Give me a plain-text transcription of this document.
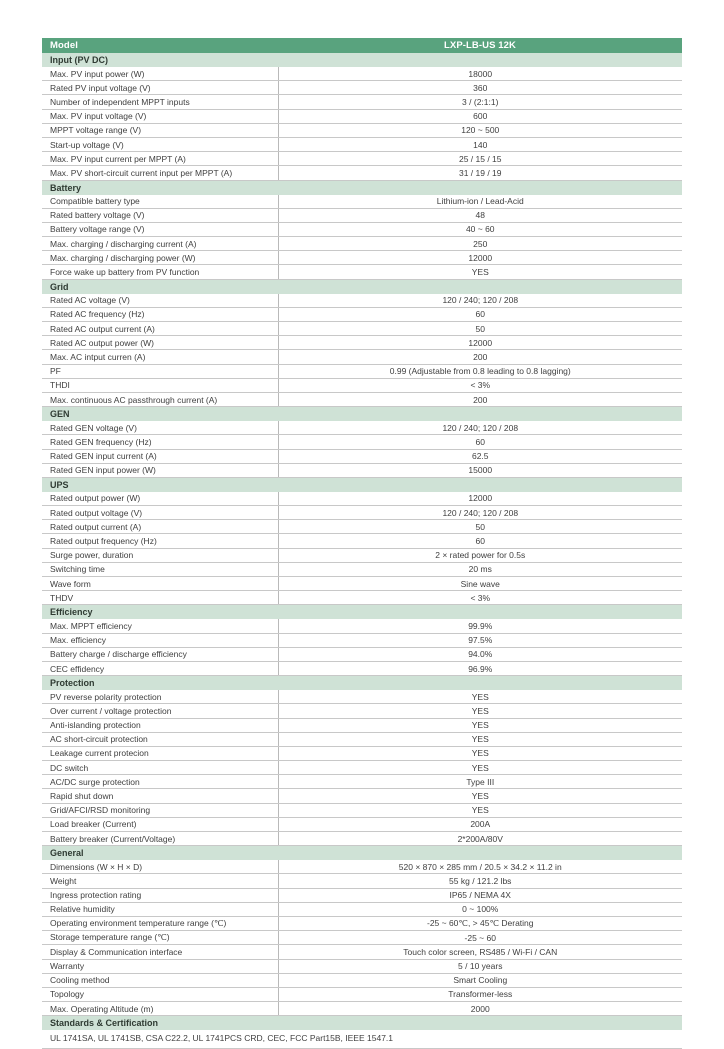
Model	LXP-LB-US 12K
Input (PV DC)	
Max. PV input power (W)	18000
Rated PV input voltage (V)	360
Number of independent MPPT inputs	3 / (2:1:1)
Max. PV input voltage (V)	600
MPPT voltage range (V)	120 ~ 500
Start-up voltage (V)	140
Max. PV input current per MPPT (A)	25 / 15 / 15
Max. PV short-circuit current input per MPPT (A)	31 / 19 / 19
Battery	
Compatible battery type	Lithium-ion / Lead-Acid
Rated battery voltage (V)	48
Battery voltage range (V)	40 ~ 60
Max. charging / discharging current (A)	250
Max. charging / discharging power (W)	12000
Force wake up battery from PV function	YES
Grid	
Rated AC voltage (V)	120 / 240; 120 / 208
Rated AC frequency (Hz)	60
Rated AC output current (A)	50
Rated AC output power (W)	12000
Max. AC intput curren (A)	200
PF	0.99 (Adjustable from 0.8 leading to 0.8 lagging)
THDI	< 3%
Max. continuous AC passthrough current (A)	200
GEN	
Rated GEN voltage (V)	120 / 240; 120 / 208
Rated GEN frequency (Hz)	60
Rated GEN input current (A)	62.5
Rated GEN input power (W)	15000
UPS	
Rated output power (W)	12000
Rated output voltage (V)	120 / 240; 120 / 208
Rated output current (A)	50
Rated output frequency (Hz)	60
Surge power, duration	2 × rated power for 0.5s
Switching time	20 ms
Wave form	Sine wave
THDV	< 3%
Efficiency	
Max. MPPT efficiency	99.9%
Max. efficiency	97.5%
Battery charge / discharge efficiency	94.0%
CEC effidency	96.9%
Protection	
PV reverse polarity protection	YES
Over current / voltage protection	YES
Anti-islanding protection	YES
AC short-circuit protection	YES
Leakage current protecion	YES
DC switch	YES
AC/DC surge protection	Type III
Rapid shut down	YES
Grid/AFCI/RSD monitoring	YES
Load breaker (Current)	200A
Battery breaker (Current/Voltage)	2*200A/80V
General	
Dimensions (W × H × D)	520 × 870 × 285 mm / 20.5 × 34.2 × 11.2 in
Weight	55 kg / 121.2 lbs
Ingress protection rating	IP65 / NEMA 4X
Relative humidity	0 ~ 100%
Operating environment temperature range (℃)	-25 ~ 60℃, > 45℃ Derating
Storage temperature range (℃)	-25 ~ 60
Display & Communication interface	Touch color screen, RS485 / Wi-Fi / CAN
Warranty	5 / 10 years
Cooling method	Smart Cooling
Topology	Transformer-less
Max. Operating Altitude (m)	2000
Standards & Certification	
UL 1741SA, UL 1741SB, CSA C22.2, UL 1741PCS CRD, CEC, FCC Part15B, IEEE 1547.1	
